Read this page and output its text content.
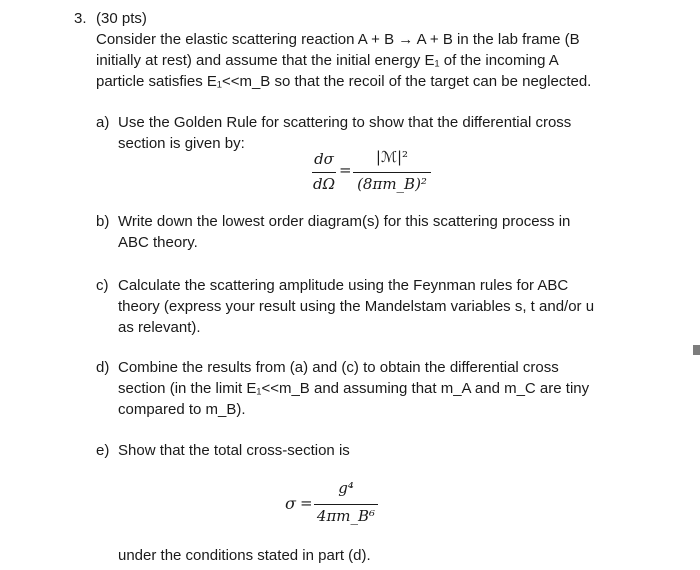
3. (30 pts)
Consider the elastic scattering reaction A + B → A + B in the lab frame (B
initially at rest) and assume that the initial energy E₁ of the incoming A
particle satisfies E₁<<m_B so that the recoil of the target can be neglected.
a) Use the Golden Rule for scattering to show that the differential cross
section is given by:
dσ
dΩ
=
|ℳ|²
(8πm_B)²
b) Write down the lowest order diagram(s) for this scattering process in
ABC theory.
c) Calculate the scattering amplitude using the Feynman rules for ABC
theory (express your result using the Mandelstam variables s, t and/or u
as relevant).
d) Combine the results from (a) and (c) to obtain the differential cross
section (in the limit E₁<<m_B and assuming that m_A and m_C are tiny
compared to m_B).
e) Show that the total cross-section is
σ =
g⁴
4πm_B⁶
under the conditions stated in part (d).
